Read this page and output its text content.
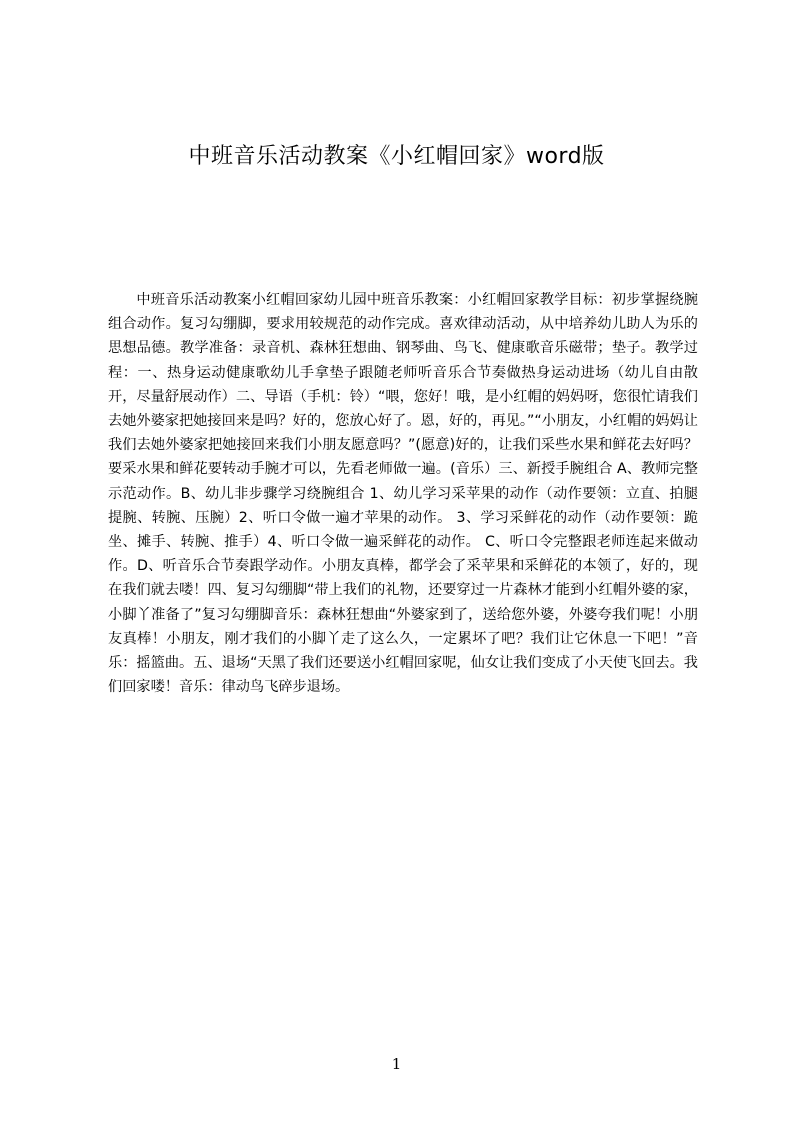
中班音乐活动教案《小红帽回家》word版

中班音乐活动教案小红帽回家幼儿园中班音乐教案：小红帽回家教学目标：初步掌握绕腕组合动作。复习勾绷脚，要求用较规范的动作完成。喜欢律动活动，从中培养幼儿助人为乐的思想品德。教学准备：录音机、森林狂想曲、钢琴曲、鸟飞、健康歌音乐磁带；垫子。教学过程：一、热身运动健康歌幼儿手拿垫子跟随老师听音乐合节奏做热身运动进场（幼儿自由散开，尽量舒展动作）二、导语（手机：铃）“喂，您好！哦，是小红帽的妈妈呀，您很忙请我们去她外婆家把她接回来是吗？好的，您放心好了。恩，好的，再见。”“小朋友，小红帽的妈妈让我们去她外婆家把她接回来我们小朋友愿意吗？”(愿意)好的，让我们采些水果和鲜花去好吗？要采水果和鲜花要转动手腕才可以，先看老师做一遍。(音乐）三、新授手腕组合 A、教师完整示范动作。B、幼儿非步骤学习绕腕组合 1、幼儿学习采苹果的动作（动作要领：立直、拍腿提腕、转腕、压腕）2、听口令做一遍才苹果的动作。 3、学习采鲜花的动作（动作要领：跪坐、摊手、转腕、推手）4、听口令做一遍采鲜花的动作。 C、听口令完整跟老师连起来做动作。D、听音乐合节奏跟学动作。小朋友真棒，都学会了采苹果和采鲜花的本领了，好的，现在我们就去喽！四、复习勾绷脚“带上我们的礼物，还要穿过一片森林才能到小红帽外婆的家，小脚丫准备了”复习勾绷脚音乐：森林狂想曲“外婆家到了，送给您外婆，外婆夸我们呢！小朋友真棒！小朋友，刚才我们的小脚丫走了这么久，一定累坏了吧？我们让它休息一下吧！”音乐：摇篮曲。五、退场“天黑了我们还要送小红帽回家呢，仙女让我们变成了小天使飞回去。我们回家喽！音乐：律动鸟飞碎步退场。

1
